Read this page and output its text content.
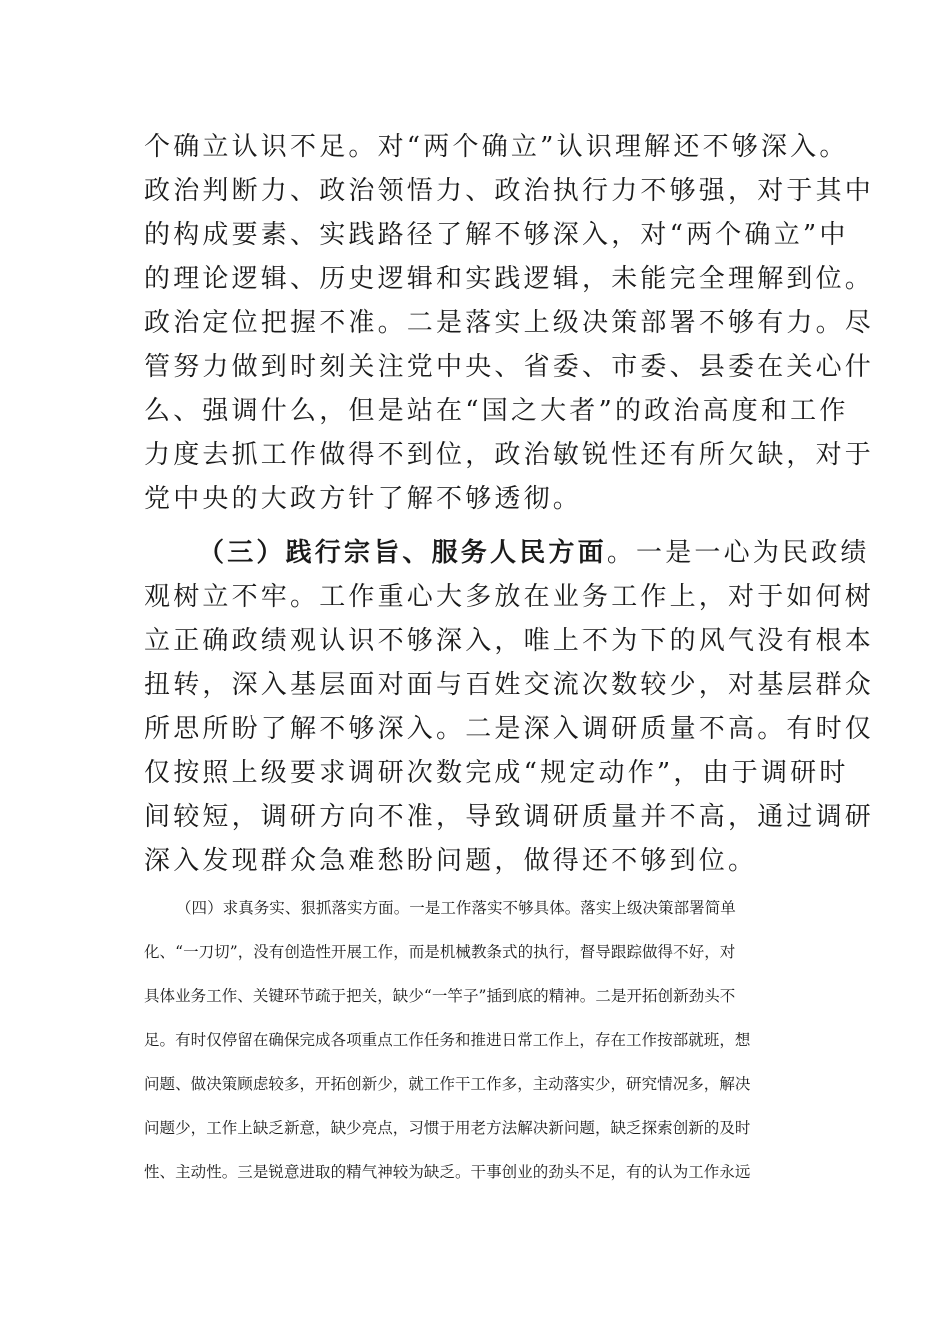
个确立认识不足。对“两个确立”认识理解还不够深入。

政治判断力、政治领悟力、政治执行力不够强，对于其中

的构成要素、实践路径了解不够深入，对“两个确立”中

的理论逻辑、历史逻辑和实践逻辑，未能完全理解到位。

政治定位把握不准。二是落实上级决策部署不够有力。尽

管努力做到时刻关注党中央、省委、市委、县委在关心什

么、强调什么，但是站在“国之大者”的政治高度和工作

力度去抓工作做得不到位，政治敏锐性还有所欠缺，对于

党中央的大政方针了解不够透彻。

（三）践行宗旨、服务人民方面。一是一心为民政绩

观树立不牢。工作重心大多放在业务工作上，对于如何树

立正确政绩观认识不够深入，唯上不为下的风气没有根本

扭转，深入基层面对面与百姓交流次数较少，对基层群众

所思所盼了解不够深入。二是深入调研质量不高。有时仅

仅按照上级要求调研次数完成“规定动作”，由于调研时

间较短，调研方向不准，导致调研质量并不高，通过调研

深入发现群众急难愁盼问题，做得还不够到位。

（四）求真务实、狠抓落实方面。一是工作落实不够具体。落实上级决策部署简单

化、“一刀切”，没有创造性开展工作，而是机械教条式的执行，督导跟踪做得不好，对

具体业务工作、关键环节疏于把关，缺少“一竿子”插到底的精神。二是开拓创新劲头不

足。有时仅停留在确保完成各项重点工作任务和推进日常工作上，存在工作按部就班，想

问题、做决策顾虑较多，开拓创新少，就工作干工作多，主动落实少，研究情况多，解决

问题少，工作上缺乏新意，缺少亮点，习惯于用老方法解决新问题，缺乏探索创新的及时

性、主动性。三是锐意进取的精气神较为缺乏。干事创业的劲头不足，有的认为工作永远
